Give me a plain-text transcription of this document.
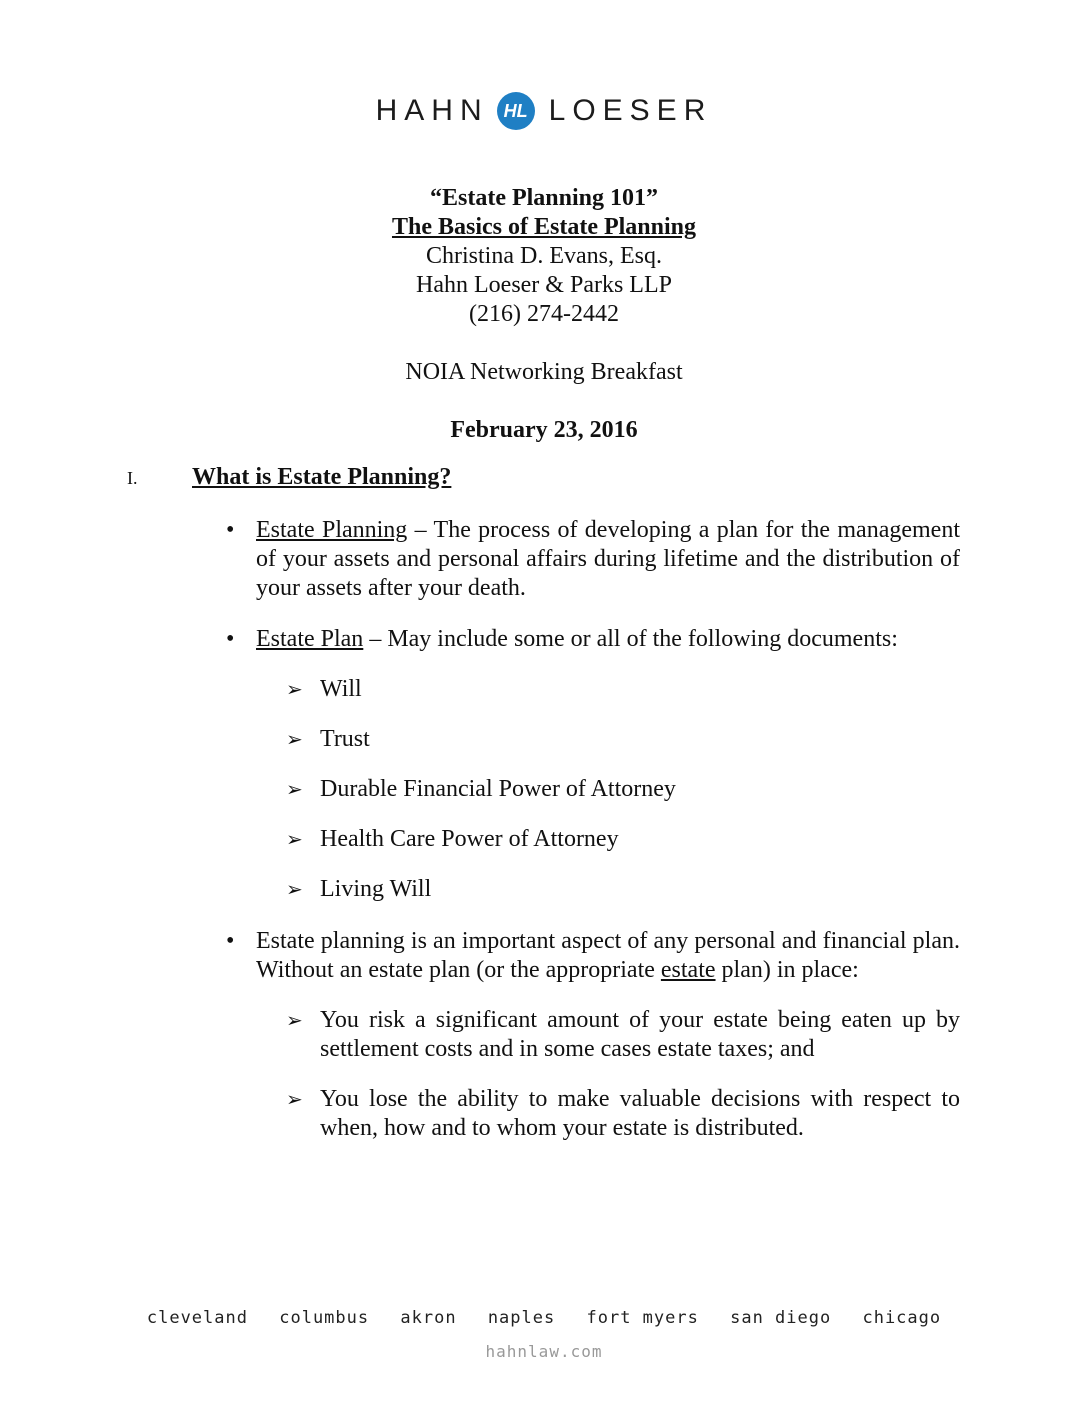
HAHN HL LOESER
“Estate Planning 101”
The Basics of Estate Planning
Christina D. Evans, Esq.
Hahn Loeser & Parks LLP
(216) 274-2442
NOIA Networking Breakfast
February 23, 2016
I. What is Estate Planning?
• Estate Planning – The process of developing a plan for the management of your assets and personal affairs during lifetime and the distribution of your assets after your death.
• Estate Plan – May include some or all of the following documents:
➢ Will
➢ Trust
➢ Durable Financial Power of Attorney
➢ Health Care Power of Attorney
➢ Living Will
• Estate planning is an important aspect of any personal and financial plan. Without an estate plan (or the appropriate estate plan) in place:
➢ You risk a significant amount of your estate being eaten up by settlement costs and in some cases estate taxes; and
➢ You lose the ability to make valuable decisions with respect to when, how and to whom your estate is distributed.
cleveland columbus akron naples fort myers san diego chicago
hahnlaw.com
